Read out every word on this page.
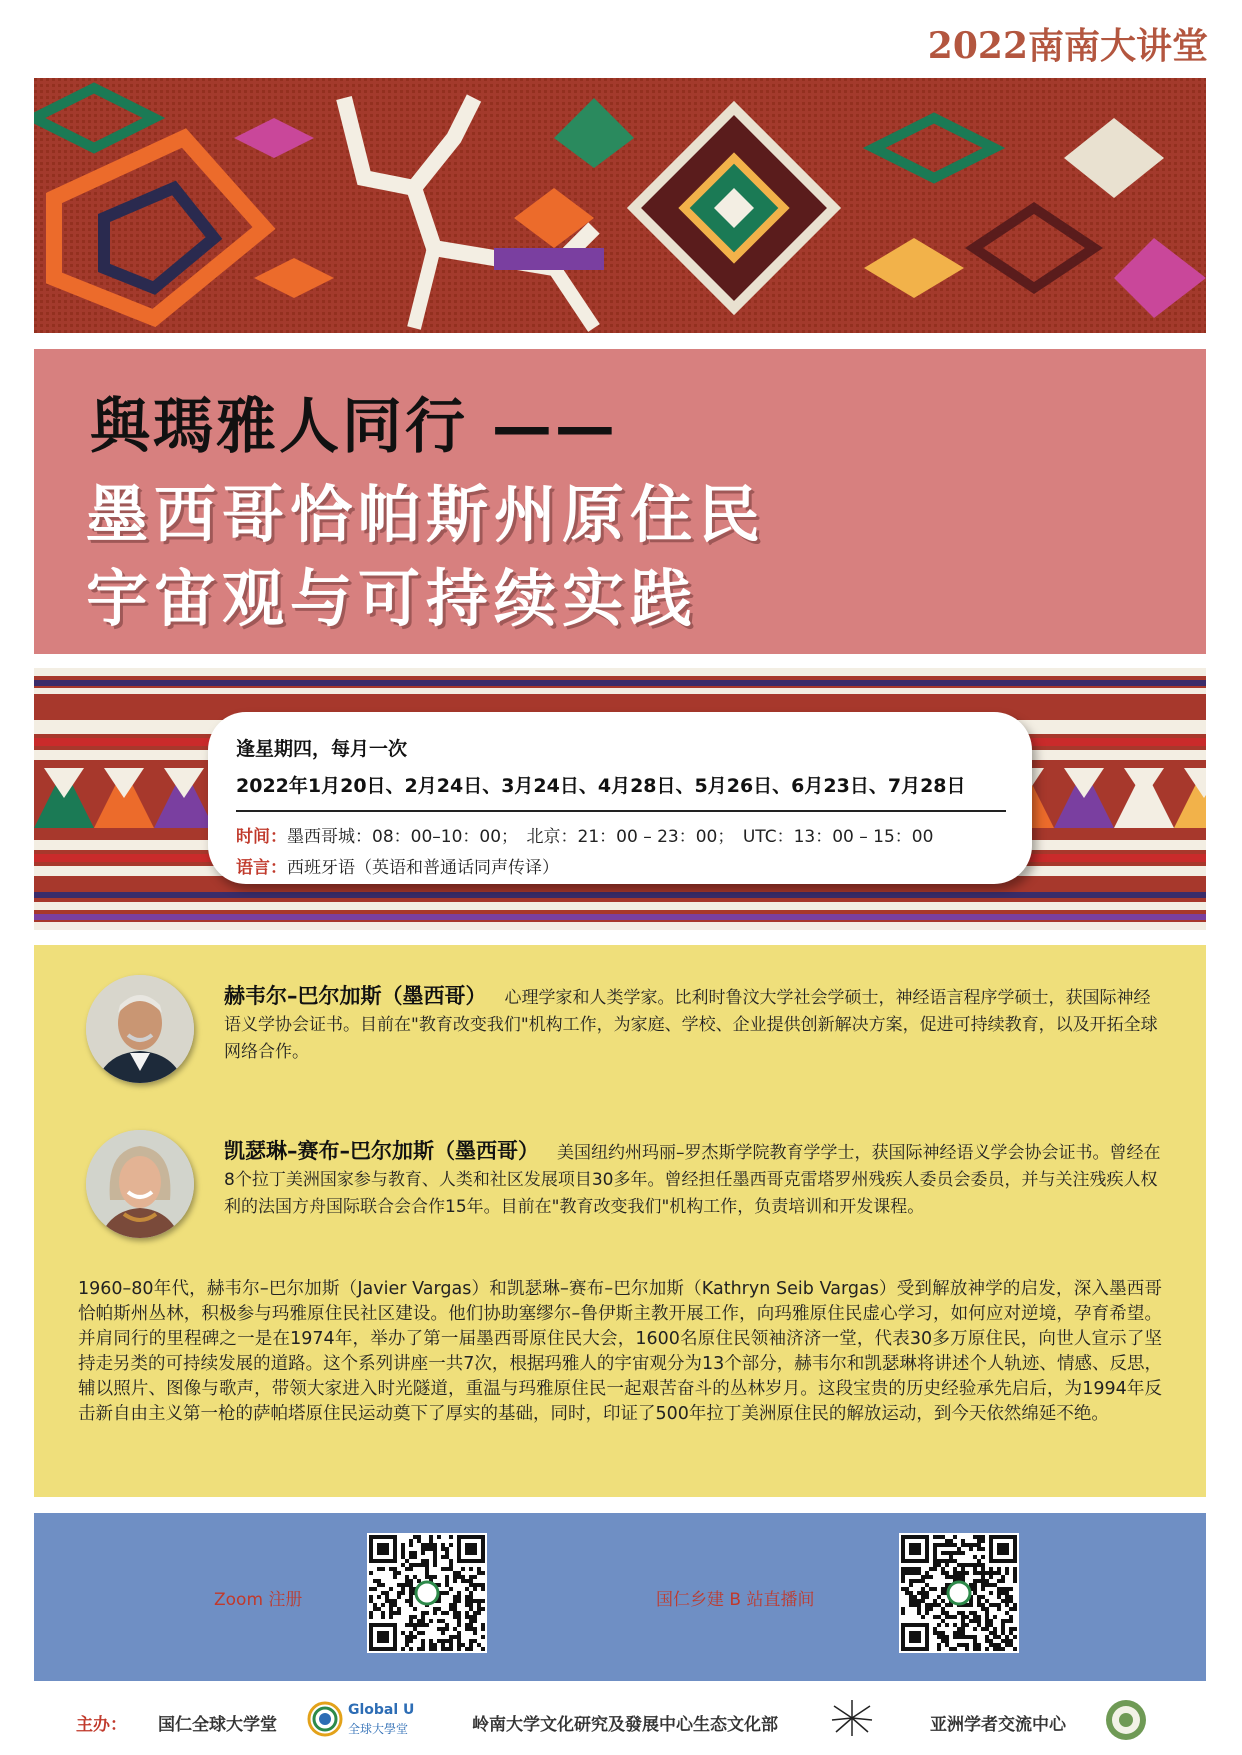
2022南南大讲堂
與瑪雅人同行 ——
墨西哥恰帕斯州原住民
宇宙观与可持续实践
逢星期四，每月一次
2022年1月20日、2月24日、3月24日、4月28日、5月26日、6月23日、7月28日
时间：墨西哥城：08：00–10：00；　北京：21：00 – 23：00；　UTC：13：00 – 15：00
语言：西班牙语（英语和普通话同声传译）
赫韦尔–巴尔加斯（墨西哥） 心理学家和人类学家。比利时鲁汶大学社会学硕士，神经语言程序学硕士，获国际神经语义学协会证书。目前在"教育改变我们"机构工作，为家庭、学校、企业提供创新解决方案，促进可持续教育，以及开拓全球网络合作。
凯瑟琳–赛布–巴尔加斯（墨西哥） 美国纽约州玛丽–罗杰斯学院教育学学士，获国际神经语义学会协会证书。曾经在8个拉丁美洲国家参与教育、人类和社区发展项目30多年。曾经担任墨西哥克雷塔罗州残疾人委员会委员，并与关注残疾人权利的法国方舟国际联合会合作15年。目前在"教育改变我们"机构工作，负责培训和开发课程。
1960–80年代，赫韦尔–巴尔加斯（Javier Vargas）和凯瑟琳–赛布–巴尔加斯（Kathryn Seib Vargas）受到解放神学的启发，深入墨西哥恰帕斯州丛林，积极参与玛雅原住民社区建设。他们协助塞缪尔–鲁伊斯主教开展工作，向玛雅原住民虚心学习，如何应对逆境，孕育希望。并肩同行的里程碑之一是在1974年，举办了第一届墨西哥原住民大会，1600名原住民领袖济济一堂，代表30多万原住民，向世人宣示了坚持走另类的可持续发展的道路。这个系列讲座一共7次，根据玛雅人的宇宙观分为13个部分，赫韦尔和凯瑟琳将讲述个人轨迹、情感、反思，辅以照片、图像与歌声，带领大家进入时光隧道，重温与玛雅原住民一起艰苦奋斗的丛林岁月。这段宝贵的历史经验承先启后，为1994年反击新自由主义第一枪的萨帕塔原住民运动奠下了厚实的基础，同时，印证了500年拉丁美洲原住民的解放运动，到今天依然绵延不绝。
Zoom 注册	国仁乡建 B 站直播间
主办： 国仁全球大学堂
Global U
全球大學堂	岭南大学文化研究及發展中心生态文化部	亚洲学者交流中心
